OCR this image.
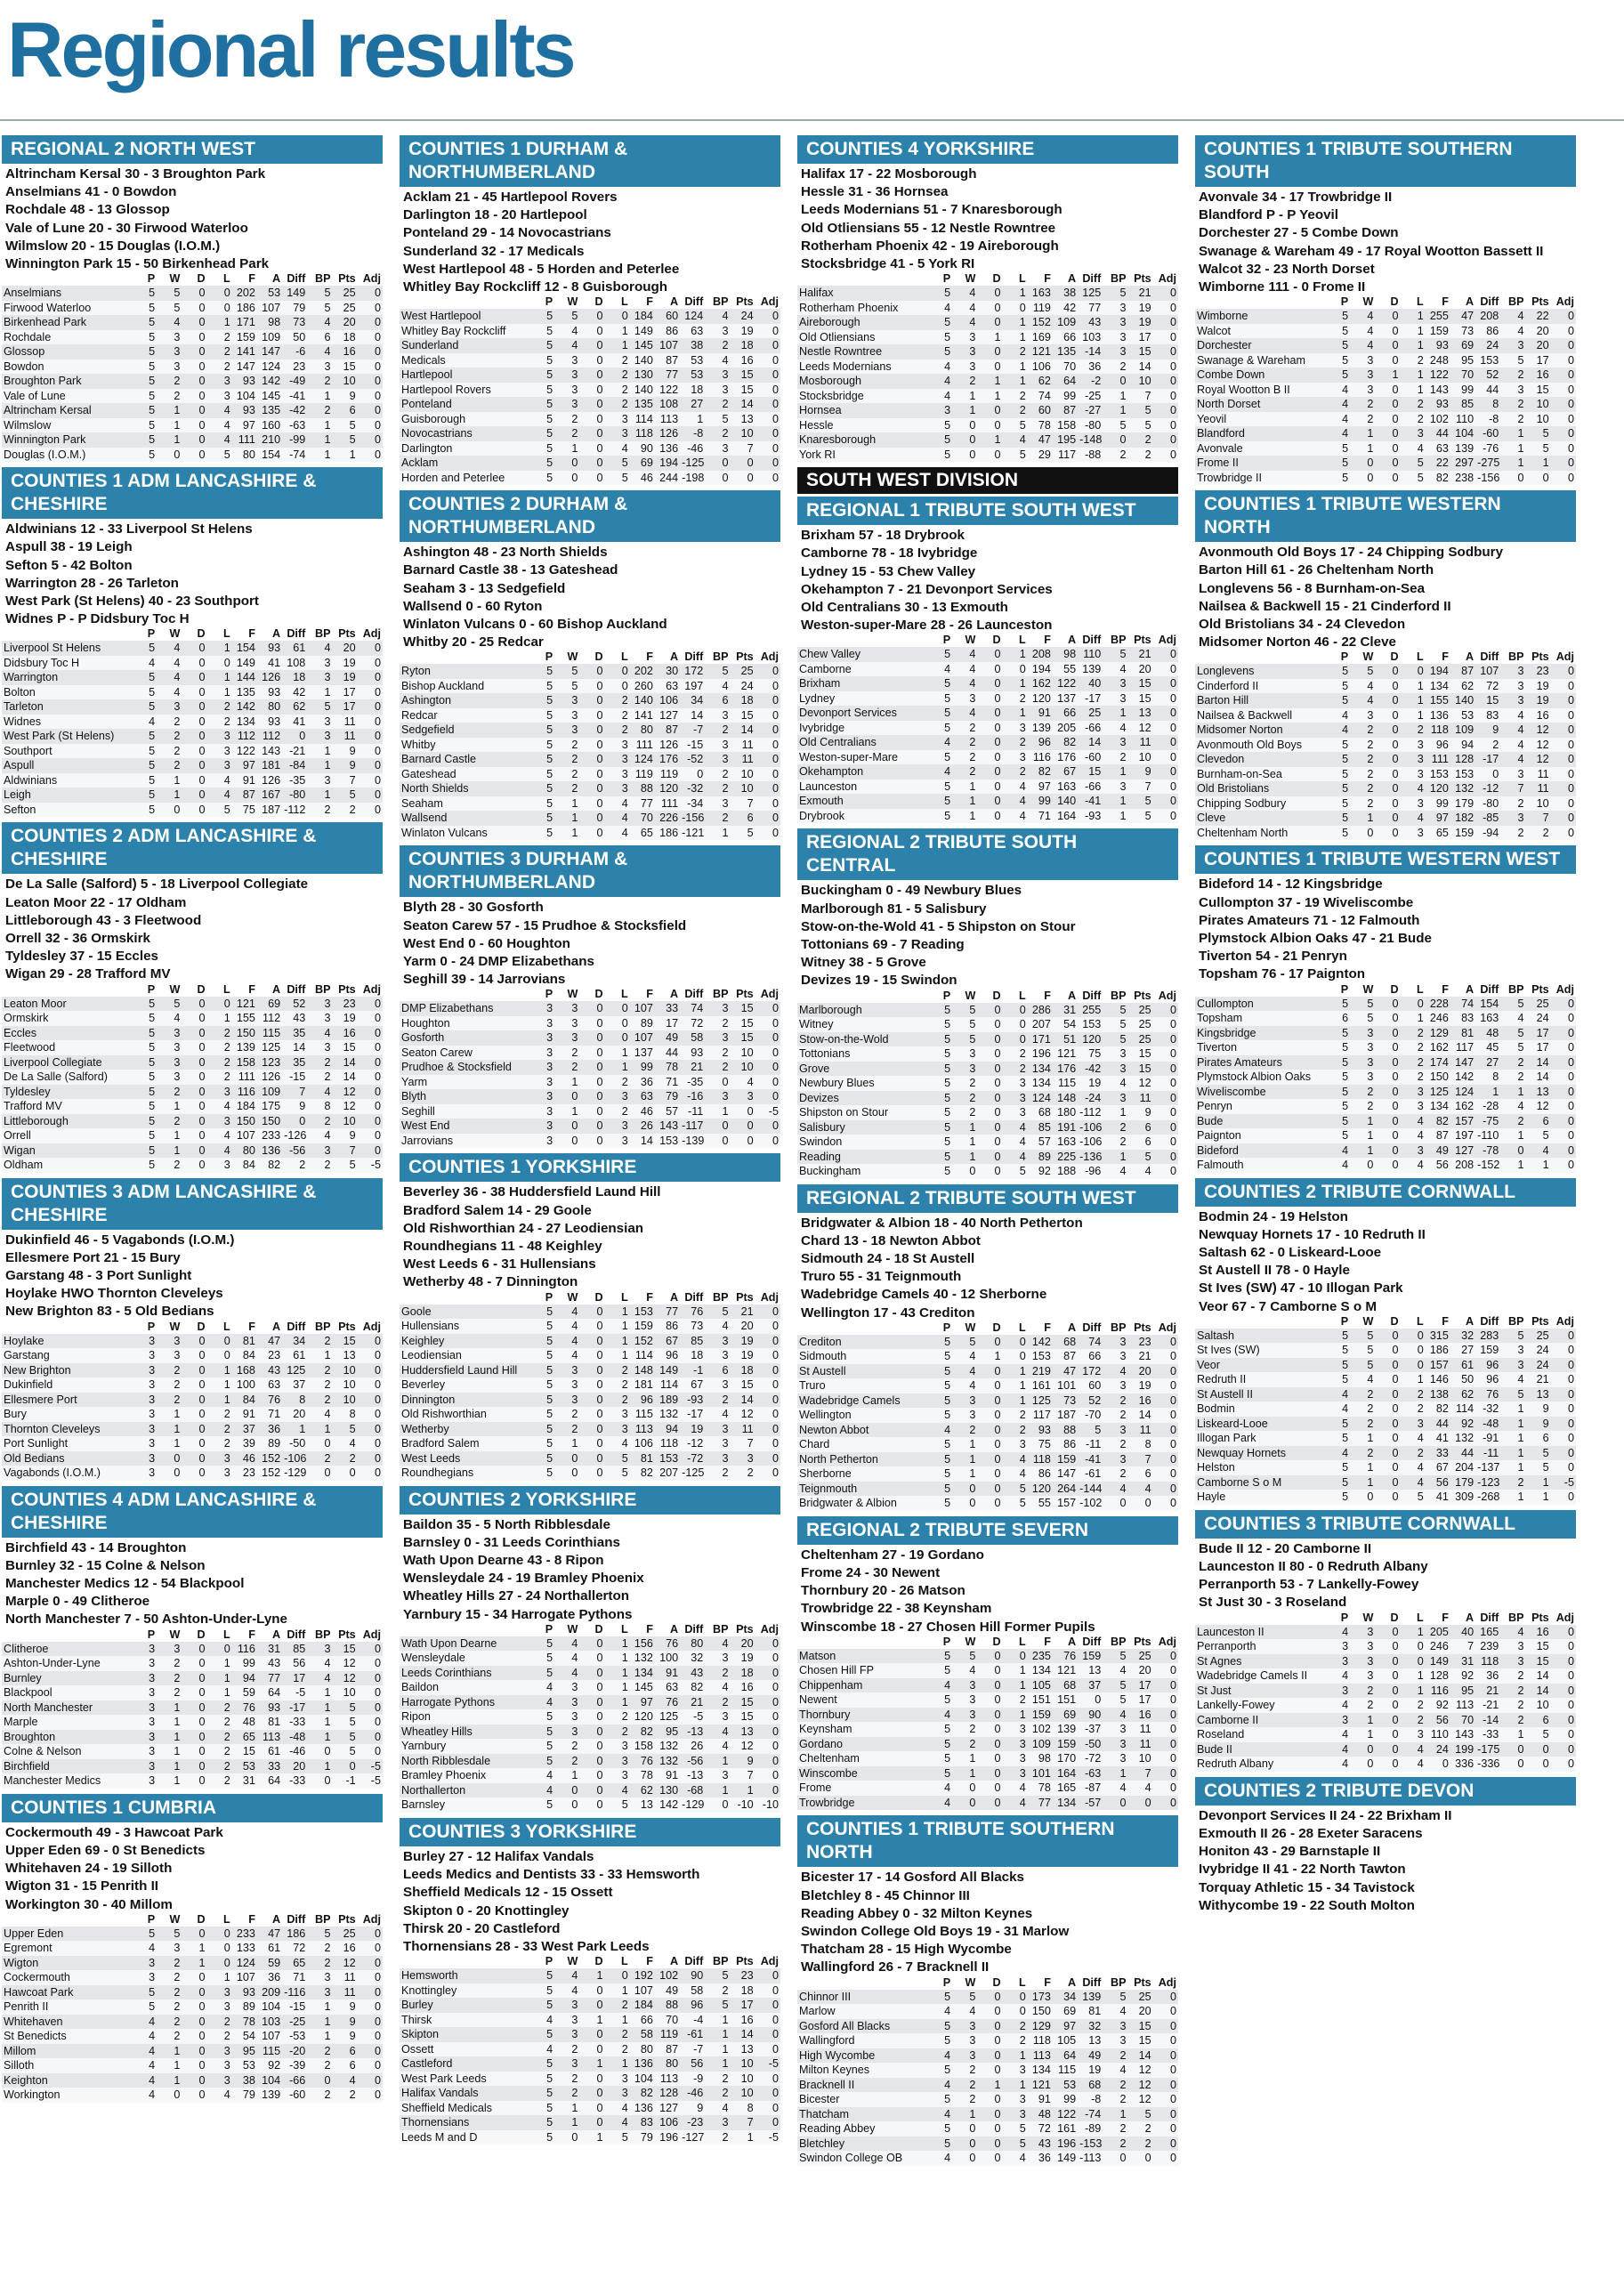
Regional results
REGIONAL 2 NORTH WEST
Altrincham Kersal 30 - 3 Broughton Park
Anselmians 41 - 0 Bowdon
Rochdale 48 - 13 Glossop
Vale of Lune 20 - 30 Firwood Waterloo
Wilmslow 20 - 15 Douglas (I.O.M.)
Winnington Park 15 - 50 Birkenhead Park
	P	W	D	L	F	A	Diff	BP	Pts	Adj
Anselmians	5	5	0	0	202	53	149	5	25	0
Firwood Waterloo	5	5	0	0	186	107	79	5	25	0
Birkenhead Park	5	4	0	1	171	98	73	4	20	0
Rochdale	5	3	0	2	159	109	50	6	18	0
Glossop	5	3	0	2	141	147	-6	4	16	0
Bowdon	5	3	0	2	147	124	23	3	15	0
Broughton Park	5	2	0	3	93	142	-49	2	10	0
Vale of Lune	5	2	0	3	104	145	-41	1	9	0
Altrincham Kersal	5	1	0	4	93	135	-42	2	6	0
Wilmslow	5	1	0	4	97	160	-63	1	5	0
Winnington Park	5	1	0	4	111	210	-99	1	5	0
Douglas (I.O.M.)	5	0	0	5	80	154	-74	1	1	0
COUNTIES 1 ADM LANCASHIRE & CHESHIRE
Aldwinians 12 - 33 Liverpool St Helens
Aspull 38 - 19 Leigh
Sefton 5 - 42 Bolton
Warrington 28 - 26 Tarleton
West Park (St Helens) 40 - 23 Southport
Widnes P - P Didsbury Toc H
	P	W	D	L	F	A	Diff	BP	Pts	Adj
Liverpool St Helens	5	4	0	1	154	93	61	4	20	0
Didsbury Toc H	4	4	0	0	149	41	108	3	19	0
Warrington	5	4	0	1	144	126	18	3	19	0
Bolton	5	4	0	1	135	93	42	1	17	0
Tarleton	5	3	0	2	142	80	62	5	17	0
Widnes	4	2	0	2	134	93	41	3	11	0
West Park (St Helens)	5	2	0	3	112	112	0	3	11	0
Southport	5	2	0	3	122	143	-21	1	9	0
Aspull	5	2	0	3	97	181	-84	1	9	0
Aldwinians	5	1	0	4	91	126	-35	3	7	0
Leigh	5	1	0	4	87	167	-80	1	5	0
Sefton	5	0	0	5	75	187	-112	2	2	0
COUNTIES 2 ADM LANCASHIRE & CHESHIRE
De La Salle (Salford) 5 - 18 Liverpool Collegiate
Leaton Moor 22 - 17 Oldham
Littleborough 43 - 3 Fleetwood
Orrell 32 - 36 Ormskirk
Tyldesley 37 - 15 Eccles
Wigan 29 - 28 Trafford MV
	P	W	D	L	F	A	Diff	BP	Pts	Adj
Leaton Moor	5	5	0	0	121	69	52	3	23	0
Ormskirk	5	4	0	1	155	112	43	3	19	0
Eccles	5	3	0	2	150	115	35	4	16	0
Fleetwood	5	3	0	2	139	125	14	3	15	0
Liverpool Collegiate	5	3	0	2	158	123	35	2	14	0
De La Salle (Salford)	5	3	0	2	111	126	-15	2	14	0
Tyldesley	5	2	0	3	116	109	7	4	12	0
Trafford MV	5	1	0	4	184	175	9	8	12	0
Littleborough	5	2	0	3	150	150	0	2	10	0
Orrell	5	1	0	4	107	233	-126	4	9	0
Wigan	5	1	0	4	80	136	-56	3	7	0
Oldham	5	2	0	3	84	82	2	2	5	-5
COUNTIES 3 ADM LANCASHIRE & CHESHIRE
Dukinfield 46 - 5 Vagabonds (I.O.M.)
Ellesmere Port 21 - 15 Bury
Garstang 48 - 3 Port Sunlight
Hoylake HWO Thornton Cleveleys
New Brighton 83 - 5 Old Bedians
	P	W	D	L	F	A	Diff	BP	Pts	Adj
Hoylake	3	3	0	0	81	47	34	2	15	0
Garstang	3	3	0	0	84	23	61	1	13	0
New Brighton	3	2	0	1	168	43	125	2	10	0
Dukinfield	3	2	0	1	100	63	37	2	10	0
Ellesmere Port	3	2	0	1	84	76	8	2	10	0
Bury	3	1	0	2	91	71	20	4	8	0
Thornton Cleveleys	3	1	0	2	37	36	1	1	5	0
Port Sunlight	3	1	0	2	39	89	-50	0	4	0
Old Bedians	3	0	0	3	46	152	-106	2	2	0
Vagabonds (I.O.M.)	3	0	0	3	23	152	-129	0	0	0
COUNTIES 4 ADM LANCASHIRE & CHESHIRE
Birchfield 43 - 14 Broughton
Burnley 32 - 15 Colne & Nelson
Manchester Medics 12 - 54 Blackpool
Marple 0 - 49 Clitheroe
North Manchester 7 - 50 Ashton-Under-Lyne
	P	W	D	L	F	A	Diff	BP	Pts	Adj
Clitheroe	3	3	0	0	116	31	85	3	15	0
Ashton-Under-Lyne	3	2	0	1	99	43	56	4	12	0
Burnley	3	2	0	1	94	77	17	4	12	0
Blackpool	3	2	0	1	59	64	-5	1	10	0
North Manchester	3	1	0	2	76	93	-17	1	5	0
Marple	3	1	0	2	48	81	-33	1	5	0
Broughton	3	1	0	2	65	113	-48	1	5	0
Colne & Nelson	3	1	0	2	15	61	-46	0	5	0
Birchfield	3	1	0	2	53	33	20	1	0	-5
Manchester Medics	3	1	0	2	31	64	-33	0	-1	-5
COUNTIES 1 CUMBRIA
Cockermouth 49 - 3 Hawcoat Park
Upper Eden 69 - 0 St Benedicts
Whitehaven 24 - 19 Silloth
Wigton 31 - 15 Penrith II
Workington 30 - 40 Millom
	P	W	D	L	F	A	Diff	BP	Pts	Adj
Upper Eden	5	5	0	0	233	47	186	5	25	0
Egremont	4	3	1	0	133	61	72	2	16	0
Wigton	3	2	1	0	124	59	65	2	12	0
Cockermouth	3	2	0	1	107	36	71	3	11	0
Hawcoat Park	5	2	0	3	93	209	-116	3	11	0
Penrith II	5	2	0	3	89	104	-15	1	9	0
Whitehaven	4	2	0	2	78	103	-25	1	9	0
St Benedicts	4	2	0	2	54	107	-53	1	9	0
Millom	4	1	0	3	95	115	-20	2	6	0
Silloth	4	1	0	3	53	92	-39	2	6	0
Keighton	4	1	0	3	38	104	-66	0	4	0
Workington	4	0	0	4	79	139	-60	2	2	0
COUNTIES 1 DURHAM & NORTHUMBERLAND
Acklam 21 - 45 Hartlepool Rovers
Darlington 18 - 20 Hartlepool
Ponteland 29 - 14 Novocastrians
Sunderland 32 - 17 Medicals
West Hartlepool 48 - 5 Horden and Peterlee
Whitley Bay Rockcliff 12 - 8 Guisborough
	P	W	D	L	F	A	Diff	BP	Pts	Adj
West Hartlepool	5	5	0	0	184	60	124	4	24	0
Whitley Bay Rockcliff	5	4	0	1	149	86	63	3	19	0
Sunderland	5	4	0	1	145	107	38	2	18	0
Medicals	5	3	0	2	140	87	53	4	16	0
Hartlepool	5	3	0	2	130	77	53	3	15	0
Hartlepool Rovers	5	3	0	2	140	122	18	3	15	0
Ponteland	5	3	0	2	135	108	27	2	14	0
Guisborough	5	2	0	3	114	113	1	5	13	0
Novocastrians	5	2	0	3	118	126	-8	2	10	0
Darlington	5	1	0	4	90	136	-46	3	7	0
Acklam	5	0	0	5	69	194	-125	0	0	0
Horden and Peterlee	5	0	0	5	46	244	-198	0	0	0
COUNTIES 2 DURHAM & NORTHUMBERLAND
Ashington 48 - 23 North Shields
Barnard Castle 38 - 13 Gateshead
Seaham 3 - 13 Sedgefield
Wallsend 0 - 60 Ryton
Winlaton Vulcans 0 - 60 Bishop Auckland
Whitby 20 - 25 Redcar
	P	W	D	L	F	A	Diff	BP	Pts	Adj
Ryton	5	5	0	0	202	30	172	5	25	0
Bishop Auckland	5	5	0	0	260	63	197	4	24	0
Ashington	5	3	0	2	140	106	34	6	18	0
Redcar	5	3	0	2	141	127	14	3	15	0
Sedgefield	5	3	0	2	80	87	-7	2	14	0
Whitby	5	2	0	3	111	126	-15	3	11	0
Barnard Castle	5	2	0	3	124	176	-52	3	11	0
Gateshead	5	2	0	3	119	119	0	2	10	0
North Shields	5	2	0	3	88	120	-32	2	10	0
Seaham	5	1	0	4	77	111	-34	3	7	0
Wallsend	5	1	0	4	70	226	-156	2	6	0
Winlaton Vulcans	5	1	0	4	65	186	-121	1	5	0
COUNTIES 3 DURHAM & NORTHUMBERLAND
Blyth 28 - 30 Gosforth
Seaton Carew 57 - 15 Prudhoe & Stocksfield
West End 0 - 60 Houghton
Yarm 0 - 24 DMP Elizabethans
Seghill 39 - 14 Jarrovians
	P	W	D	L	F	A	Diff	BP	Pts	Adj
DMP Elizabethans	3	3	0	0	107	33	74	3	15	0
Houghton	3	3	0	0	89	17	72	2	15	0
Gosforth	3	3	0	0	107	49	58	3	15	0
Seaton Carew	3	2	0	1	137	44	93	2	10	0
Prudhoe & Stocksfield	3	2	0	1	99	78	21	2	10	0
Yarm	3	1	0	2	36	71	-35	0	4	0
Blyth	3	0	0	3	63	79	-16	3	3	0
Seghill	3	1	0	2	46	57	-11	1	0	-5
West End	3	0	0	3	26	143	-117	0	0	0
Jarrovians	3	0	0	3	14	153	-139	0	0	0
COUNTIES 1 YORKSHIRE
Beverley 36 - 38 Huddersfield Laund Hill
Bradford Salem 14 - 29 Goole
Old Rishworthian 24 - 27 Leodiensian
Roundhegians 11 - 48 Keighley
West Leeds 6 - 31 Hullensians
Wetherby 48 - 7 Dinnington
	P	W	D	L	F	A	Diff	BP	Pts	Adj
Goole	5	4	0	1	153	77	76	5	21	0
Hullensians	5	4	0	1	159	86	73	4	20	0
Keighley	5	4	0	1	152	67	85	3	19	0
Leodiensian	5	4	0	1	114	96	18	3	19	0
Huddersfield Laund Hill	5	3	0	2	148	149	-1	6	18	0
Beverley	5	3	0	2	181	114	67	3	15	0
Dinnington	5	3	0	2	96	189	-93	2	14	0
Old Rishworthian	5	2	0	3	115	132	-17	4	12	0
Wetherby	5	2	0	3	113	94	19	3	11	0
Bradford Salem	5	1	0	4	106	118	-12	3	7	0
West Leeds	5	0	0	5	81	153	-72	3	3	0
Roundhegians	5	0	0	5	82	207	-125	2	2	0
COUNTIES 2 YORKSHIRE
Baildon 35 - 5 North Ribblesdale
Barnsley 0 - 31 Leeds Corinthians
Wath Upon Dearne 43 - 8 Ripon
Wensleydale 24 - 19 Bramley Phoenix
Wheatley Hills 27 - 24 Northallerton
Yarnbury 15 - 34 Harrogate Pythons
	P	W	D	L	F	A	Diff	BP	Pts	Adj
Wath Upon Dearne	5	4	0	1	156	76	80	4	20	0
Wensleydale	5	4	0	1	132	100	32	3	19	0
Leeds Corinthians	5	4	0	1	134	91	43	2	18	0
Baildon	4	3	0	1	145	63	82	4	16	0
Harrogate Pythons	4	3	0	1	97	76	21	2	15	0
Ripon	5	3	0	2	120	125	-5	3	15	0
Wheatley Hills	5	3	0	2	82	95	-13	4	13	0
Yarnbury	5	2	0	3	158	132	26	4	12	0
North Ribblesdale	5	2	0	3	76	132	-56	1	9	0
Bramley Phoenix	4	1	0	3	78	91	-13	3	7	0
Northallerton	4	0	0	4	62	130	-68	1	1	0
Barnsley	5	0	0	5	13	142	-129	0	-10	-10
COUNTIES 3 YORKSHIRE
Burley 27 - 12 Halifax Vandals
Leeds Medics and Dentists 33 - 33 Hemsworth
Sheffield Medicals 12 - 15 Ossett
Skipton 0 - 20 Knottingley
Thirsk 20 - 20 Castleford
Thornensians 28 - 33 West Park Leeds
	P	W	D	L	F	A	Diff	BP	Pts	Adj
Hemsworth	5	4	1	0	192	102	90	5	23	0
Knottingley	5	4	0	1	107	49	58	2	18	0
Burley	5	3	0	2	184	88	96	5	17	0
Thirsk	4	3	1	1	66	70	-4	1	16	0
Skipton	5	3	0	2	58	119	-61	1	14	0
Ossett	4	2	0	2	80	87	-7	1	13	0
Castleford	5	3	1	1	136	80	56	1	10	-5
West Park Leeds	5	2	0	3	104	113	-9	2	10	0
Halifax Vandals	5	2	0	3	82	128	-46	2	10	0
Sheffield Medicals	5	1	0	4	136	127	9	4	8	0
Thornensians	5	1	0	4	83	106	-23	3	7	0
Leeds M and D	5	0	1	5	79	196	-127	2	1	-5
COUNTIES 4 YORKSHIRE
Halifax 17 - 22 Mosborough
Hessle 31 - 36 Hornsea
Leeds Modernians 51 - 7 Knaresborough
Old Otliensians 55 - 12 Nestle Rowntree
Rotherham Phoenix 42 - 19 Aireborough
Stocksbridge 41 - 5 York RI
	P	W	D	L	F	A	Diff	BP	Pts	Adj
Halifax	5	4	0	1	163	38	125	5	21	0
Rotherham Phoenix	4	4	0	0	119	42	77	3	19	0
Aireborough	5	4	0	1	152	109	43	3	19	0
Old Otliensians	5	3	1	1	169	66	103	3	17	0
Nestle Rowntree	5	3	0	2	121	135	-14	3	15	0
Leeds Modernians	4	3	0	1	106	70	36	2	14	0
Mosborough	4	2	1	1	62	64	-2	0	10	0
Stocksbridge	4	1	1	2	74	99	-25	1	7	0
Hornsea	3	1	0	2	60	87	-27	1	5	0
Hessle	5	0	0	5	78	158	-80	5	5	0
Knaresborough	5	0	1	4	47	195	-148	0	2	0
York RI	5	0	0	5	29	117	-88	2	2	0
SOUTH WEST DIVISION
REGIONAL 1 TRIBUTE SOUTH WEST
Brixham 57 - 18 Drybrook
Camborne 78 - 18 Ivybridge
Lydney 15 - 53 Chew Valley
Okehampton 7 - 21 Devonport Services
Old Centralians 30 - 13 Exmouth
Weston-super-Mare 28 - 26 Launceston
	P	W	D	L	F	A	Diff	BP	Pts	Adj
Chew Valley	5	4	0	1	208	98	110	5	21	0
Camborne	4	4	0	0	194	55	139	4	20	0
Brixham	5	4	0	1	162	122	40	3	15	0
Lydney	5	3	0	2	120	137	-17	3	15	0
Devonport Services	5	4	0	1	91	66	25	1	13	0
Ivybridge	5	2	0	3	139	205	-66	4	12	0
Old Centralians	4	2	0	2	96	82	14	3	11	0
Weston-super-Mare	5	2	0	3	116	176	-60	2	10	0
Okehampton	4	2	0	2	82	67	15	1	9	0
Launceston	5	1	0	4	97	163	-66	3	7	0
Exmouth	5	1	0	4	99	140	-41	1	5	0
Drybrook	5	1	0	4	71	164	-93	1	5	0
REGIONAL 2 TRIBUTE SOUTH CENTRAL
Buckingham 0 - 49 Newbury Blues
Marlborough 81 - 5 Salisbury
Stow-on-the-Wold 41 - 5 Shipston on Stour
Tottonians 69 - 7 Reading
Witney 38 - 5 Grove
Devizes 19 - 15 Swindon
	P	W	D	L	F	A	Diff	BP	Pts	Adj
Marlborough	5	5	0	0	286	31	255	5	25	0
Witney	5	5	0	0	207	54	153	5	25	0
Stow-on-the-Wold	5	5	0	0	171	51	120	5	25	0
Tottonians	5	3	0	2	196	121	75	3	15	0
Grove	5	3	0	2	134	176	-42	3	15	0
Newbury Blues	5	2	0	3	134	115	19	4	12	0
Devizes	5	2	0	3	124	148	-24	3	11	0
Shipston on Stour	5	2	0	3	68	180	-112	1	9	0
Salisbury	5	1	0	4	85	191	-106	2	6	0
Swindon	5	1	0	4	57	163	-106	2	6	0
Reading	5	1	0	4	89	225	-136	1	5	0
Buckingham	5	0	0	5	92	188	-96	4	4	0
REGIONAL 2 TRIBUTE SOUTH WEST
Bridgwater & Albion 18 - 40 North Petherton
Chard 13 - 18 Newton Abbot
Sidmouth 24 - 18 St Austell
Truro 55 - 31 Teignmouth
Wadebridge Camels 40 - 12 Sherborne
Wellington 17 - 43 Crediton
	P	W	D	L	F	A	Diff	BP	Pts	Adj
Crediton	5	5	0	0	142	68	74	3	23	0
Sidmouth	5	4	1	0	153	87	66	3	21	0
St Austell	5	4	0	1	219	47	172	4	20	0
Truro	5	4	0	1	161	101	60	3	19	0
Wadebridge Camels	5	3	0	1	125	73	52	2	16	0
Wellington	5	3	0	2	117	187	-70	2	14	0
Newton Abbot	4	2	0	2	93	88	5	3	11	0
Chard	5	1	0	3	75	86	-11	2	8	0
North Petherton	5	1	0	4	118	159	-41	3	7	0
Sherborne	5	1	0	4	86	147	-61	2	6	0
Teignmouth	5	0	0	5	120	264	-144	4	4	0
Bridgwater & Albion	5	0	0	5	55	157	-102	0	0	0
REGIONAL 2 TRIBUTE SEVERN
Cheltenham 27 - 19 Gordano
Frome 24 - 30 Newent
Thornbury 20 - 26 Matson
Trowbridge 22 - 38 Keynsham
Winscombe 18 - 27 Chosen Hill Former Pupils
	P	W	D	L	F	A	Diff	BP	Pts	Adj
Matson	5	5	0	0	235	76	159	5	25	0
Chosen Hill FP	5	4	0	1	134	121	13	4	20	0
Chippenham	4	3	0	1	105	68	37	5	17	0
Newent	5	3	0	2	151	151	0	5	17	0
Thornbury	4	3	0	1	159	69	90	4	16	0
Keynsham	5	2	0	3	102	139	-37	3	11	0
Gordano	5	2	0	3	109	159	-50	3	11	0
Cheltenham	5	1	0	3	98	170	-72	3	10	0
Winscombe	5	1	0	3	101	164	-63	1	7	0
Frome	4	0	0	4	78	165	-87	4	4	0
Trowbridge	4	0	0	4	77	134	-57	0	0	0
COUNTIES 1 TRIBUTE SOUTHERN NORTH
Bicester 17 - 14 Gosford All Blacks
Bletchley 8 - 45 Chinnor III
Reading Abbey 0 - 32 Milton Keynes
Swindon College Old Boys 19 - 31 Marlow
Thatcham 28 - 15 High Wycombe
Wallingford 26 - 7 Bracknell II
	P	W	D	L	F	A	Diff	BP	Pts	Adj
Chinnor III	5	5	0	0	173	34	139	5	25	0
Marlow	4	4	0	0	150	69	81	4	20	0
Gosford All Blacks	5	3	0	2	129	97	32	3	15	0
Wallingford	5	3	0	2	118	105	13	3	15	0
High Wycombe	4	3	0	1	113	64	49	2	14	0
Milton Keynes	5	2	0	3	134	115	19	4	12	0
Bracknell II	4	2	1	1	121	53	68	2	12	0
Bicester	5	2	0	3	91	99	-8	2	12	0
Thatcham	4	1	0	3	48	122	-74	1	5	0
Reading Abbey	5	0	0	5	72	161	-89	2	2	0
Bletchley	5	0	0	5	43	196	-153	2	2	0
Swindon College OB	4	0	0	4	36	149	-113	0	0	0
COUNTIES 1 TRIBUTE SOUTHERN SOUTH
Avonvale 34 - 17 Trowbridge II
Blandford P - P Yeovil
Dorchester 27 - 5 Combe Down
Swanage & Wareham 49 - 17 Royal Wootton Bassett II
Walcot 32 - 23 North Dorset
Wimborne 111 - 0 Frome II
	P	W	D	L	F	A	Diff	BP	Pts	Adj
Wimborne	5	4	0	1	255	47	208	4	22	0
Walcot	5	4	0	1	159	73	86	4	20	0
Dorchester	5	4	0	1	93	69	24	3	20	0
Swanage & Wareham	5	3	0	2	248	95	153	5	17	0
Combe Down	5	3	1	1	122	70	52	2	16	0
Royal Wootton B II	4	3	0	1	143	99	44	3	15	0
North Dorset	4	2	0	2	93	85	8	2	10	0
Yeovil	4	2	0	2	102	110	-8	2	10	0
Blandford	4	1	0	3	44	104	-60	1	5	0
Avonvale	5	1	0	4	63	139	-76	1	5	0
Frome II	5	0	0	5	22	297	-275	1	1	0
Trowbridge II	5	0	0	5	82	238	-156	0	0	0
COUNTIES 1 TRIBUTE WESTERN NORTH
Avonmouth Old Boys 17 - 24 Chipping Sodbury
Barton Hill 61 - 26 Cheltenham North
Longlevens 56 - 8 Burnham-on-Sea
Nailsea & Backwell 15 - 21 Cinderford II
Old Bristolians 34 - 24 Clevedon
Midsomer Norton 46 - 22 Cleve
	P	W	D	L	F	A	Diff	BP	Pts	Adj
Longlevens	5	5	0	0	194	87	107	3	23	0
Cinderford II	5	4	0	1	134	62	72	3	19	0
Barton Hill	5	4	0	1	155	140	15	3	19	0
Nailsea & Backwell	4	3	0	1	136	53	83	4	16	0
Midsomer Norton	4	2	0	2	118	109	9	4	12	0
Avonmouth Old Boys	5	2	0	3	96	94	2	4	12	0
Clevedon	5	2	0	3	111	128	-17	4	12	0
Burnham-on-Sea	5	2	0	3	153	153	0	3	11	0
Old Bristolians	5	2	0	4	120	132	-12	7	11	0
Chipping Sodbury	5	2	0	3	99	179	-80	2	10	0
Cleve	5	1	0	4	97	182	-85	3	7	0
Cheltenham North	5	0	0	3	65	159	-94	2	2	0
COUNTIES 1 TRIBUTE WESTERN WEST
Bideford 14 - 12 Kingsbridge
Cullompton 37 - 19 Wiveliscombe
Pirates Amateurs 71 - 12 Falmouth
Plymstock Albion Oaks 47 - 21 Bude
Tiverton 54 - 21 Penryn
Topsham 76 - 17 Paignton
	P	W	D	L	F	A	Diff	BP	Pts	Adj
Cullompton	5	5	0	0	228	74	154	5	25	0
Topsham	6	5	0	1	246	83	163	4	24	0
Kingsbridge	5	3	0	2	129	81	48	5	17	0
Tiverton	5	3	0	2	162	117	45	5	17	0
Pirates Amateurs	5	3	0	2	174	147	27	2	14	0
Plymstock Albion Oaks	5	3	0	2	150	142	8	2	14	0
Wiveliscombe	5	2	0	3	125	124	1	1	13	0
Penryn	5	2	0	3	134	162	-28	4	12	0
Bude	5	1	0	4	82	157	-75	2	6	0
Paignton	5	1	0	4	87	197	-110	1	5	0
Bideford	4	1	0	3	49	127	-78	0	4	0
Falmouth	4	0	0	4	56	208	-152	1	1	0
COUNTIES 2 TRIBUTE CORNWALL
Bodmin 24 - 19 Helston
Newquay Hornets 17 - 10 Redruth II
Saltash 62 - 0 Liskeard-Looe
St Austell II 78 - 0 Hayle
St Ives (SW) 47 - 10 Illogan Park
Veor 67 - 7 Camborne S o M
	P	W	D	L	F	A	Diff	BP	Pts	Adj
Saltash	5	5	0	0	315	32	283	5	25	0
St Ives (SW)	5	5	0	0	186	27	159	3	24	0
Veor	5	5	0	0	157	61	96	3	24	0
Redruth II	5	4	0	1	146	50	96	4	21	0
St Austell II	4	2	0	2	138	62	76	5	13	0
Bodmin	4	2	0	2	82	114	-32	1	9	0
Liskeard-Looe	5	2	0	3	44	92	-48	1	9	0
Illogan Park	5	1	0	4	41	132	-91	1	6	0
Newquay Hornets	4	2	0	2	33	44	-11	1	5	0
Helston	5	1	0	4	67	204	-137	1	5	0
Camborne S o M	5	1	0	4	56	179	-123	2	1	-5
Hayle	5	0	0	5	41	309	-268	1	1	0
COUNTIES 3 TRIBUTE CORNWALL
Bude II 12 - 20 Camborne II
Launceston II 80 - 0 Redruth Albany
Perranporth 53 - 7 Lankelly-Fowey
St Just 30 - 3 Roseland
	P	W	D	L	F	A	Diff	BP	Pts	Adj
Launceston II	4	3	0	1	205	40	165	4	16	0
Perranporth	3	3	0	0	246	7	239	3	15	0
St Agnes	3	3	0	0	149	31	118	3	15	0
Wadebridge Camels II	4	3	0	1	128	92	36	2	14	0
St Just	3	2	0	1	116	95	21	2	14	0
Lankelly-Fowey	4	2	0	2	92	113	-21	2	10	0
Camborne II	3	1	0	2	56	70	-14	2	6	0
Roseland	4	1	0	3	110	143	-33	1	5	0
Bude II	4	0	0	4	24	199	-175	0	0	0
Redruth Albany	4	0	0	4	0	336	-336	0	0	0
COUNTIES 2 TRIBUTE DEVON
Devonport Services II 24 - 22 Brixham II
Exmouth II 26 - 28 Exeter Saracens
Honiton 43 - 29 Barnstaple II
Ivybridge II 41 - 22 North Tawton
Torquay Athletic 15 - 34 Tavistock
Withycombe 19 - 22 South Molton
